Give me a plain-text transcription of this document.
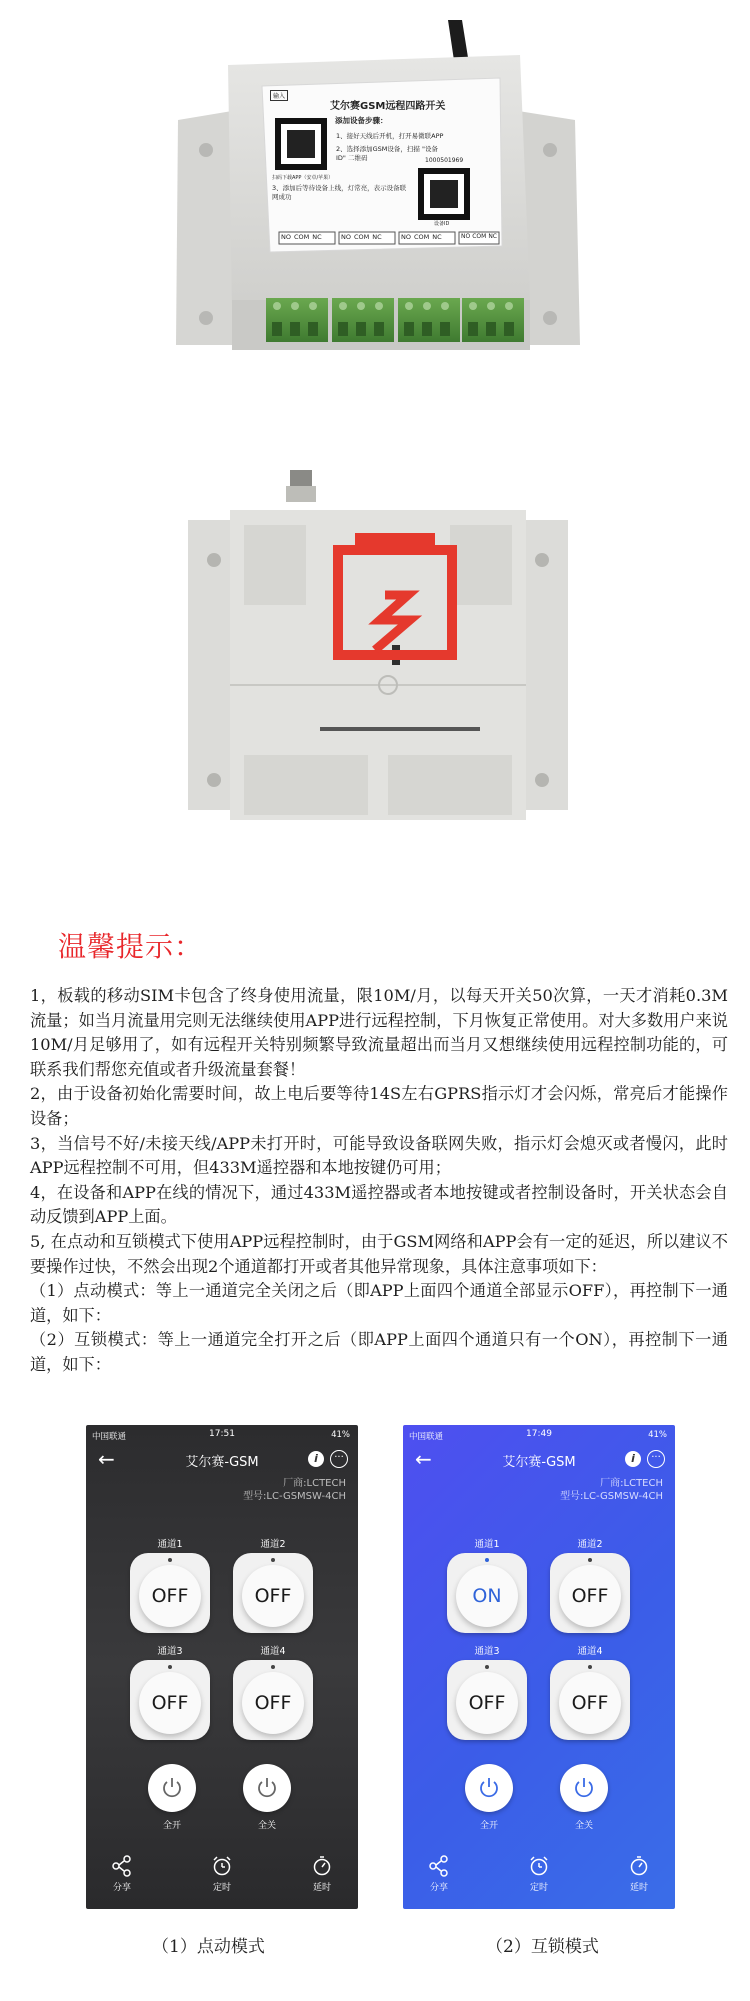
输入
艾尔赛GSM远程四路开关
添加设备步骤：
1、接好天线后开机，打开易微联APP
2、选择添加GSM设备，扫描 "设备ID" 二维码
扫码下载APP（安卓/苹果）
3、添加后等待设备上线，灯常亮，表示设备联网成功
1000501969
设备ID
NO COM NC	NO COM NC	NO COM NC	NO COM NC
温馨提示：

1，板载的移动SIM卡包含了终身使用流量，限10M/月，以每天开关50次算，一天才消耗0.3M流量；如当月流量用完则无法继续使用APP进行远程控制，下月恢复正常使用。对大多数用户来说10M/月足够用了，如有远程开关特别频繁导致流量超出而当月又想继续使用远程控制功能的，可联系我们帮您充值或者升级流量套餐！

2，由于设备初始化需要时间，故上电后要等待14S左右GPRS指示灯才会闪烁，常亮后才能操作设备；

3，当信号不好/未接天线/APP未打开时，可能导致设备联网失败，指示灯会熄灭或者慢闪，此时APP远程控制不可用，但433M遥控器和本地按键仍可用；

4，在设备和APP在线的情况下，通过433M遥控器或者本地按键或者控制设备时，开关状态会自动反馈到APP上面。

5, 在点动和互锁模式下使用APP远程控制时，由于GSM网络和APP会有一定的延迟，所以建议不要操作过快，不然会出现2个通道都打开或者其他异常现象，具体注意事项如下：

（1）点动模式：等上一通道完全关闭之后（即APP上面四个通道全部显示OFF），再控制下一通道，如下：

（2）互锁模式：等上一通道完全打开之后（即APP上面四个通道只有一个ON），再控制下一通道，如下：

中国联通	17:51	41%
←	艾尔赛-GSM	i	···
厂商:LCTECH
型号:LC-GSMSW-4CH
通道1	通道2
OFF	OFF
通道3	通道4
OFF	OFF
全开	全关
分享	定时	延时
中国联通	17:49	41%
←	艾尔赛-GSM	i	···
厂商:LCTECH
型号:LC-GSMSW-4CH
通道1	通道2
ON	OFF
通道3	通道4
OFF	OFF
全开	全关
分享	定时	延时
（1）点动模式	（2）互锁模式
